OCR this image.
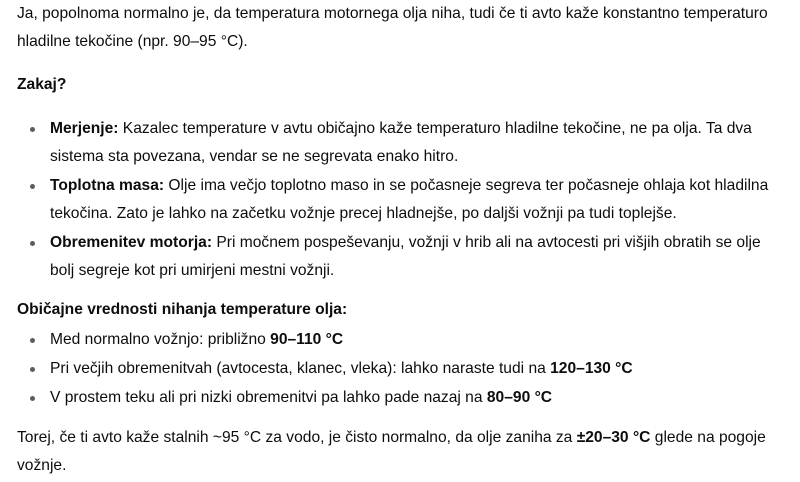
Ja, popolnoma normalno je, da temperatura motornega olja niha, tudi če ti avto kaže konstantno temperaturo hladilne tekočine (npr. 90–95 °C).

Zakaj?

Merjenje: Kazalec temperature v avtu običajno kaže temperaturo hladilne tekočine, ne pa olja. Ta dva sistema sta povezana, vendar se ne segrevata enako hitro.
Toplotna masa: Olje ima večjo toplotno maso in se počasneje segreva ter počasneje ohlaja kot hladilna tekočina. Zato je lahko na začetku vožnje precej hladnejše, po daljši vožnji pa tudi toplejše.
Obremenitev motorja: Pri močnem pospeševanju, vožnji v hrib ali na avtocesti pri višjih obratih se olje bolj segreje kot pri umirjeni mestni vožnji.

Običajne vrednosti nihanja temperature olja:

Med normalno vožnjo: približno 90–110 °C
Pri večjih obremenitvah (avtocesta, klanec, vleka): lahko naraste tudi na 120–130 °C
V prostem teku ali pri nizki obremenitvi pa lahko pade nazaj na 80–90 °C

Torej, če ti avto kaže stalnih ~95 °C za vodo, je čisto normalno, da olje zaniha za ±20–30 °C glede na pogoje vožnje.
